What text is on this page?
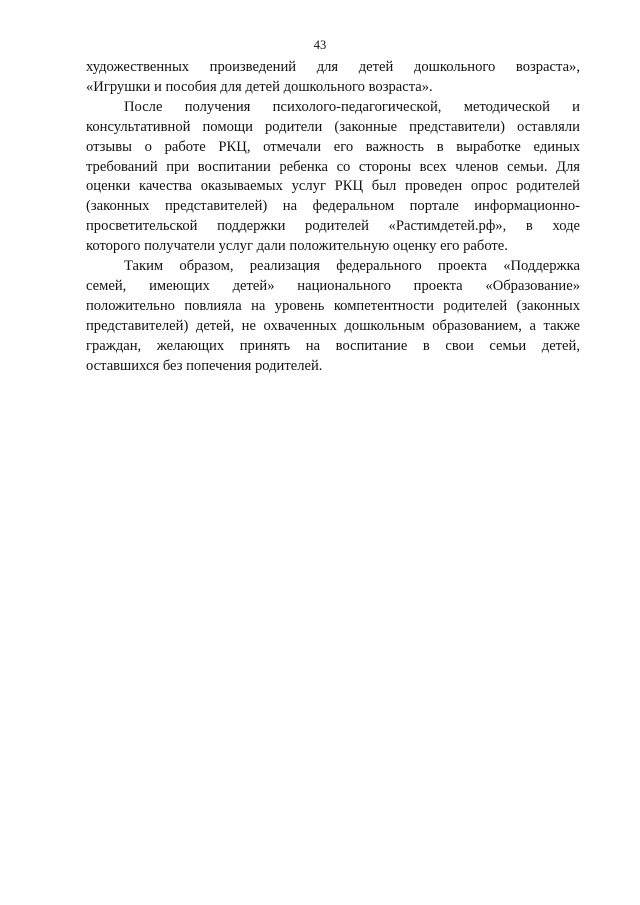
43

художественных произведений для детей дошкольного возраста»,
«Игрушки и пособия для детей дошкольного возраста».

После получения психолого-педагогической, методической и
консультативной помощи родители (законные представители) оставляли
отзывы о работе РКЦ, отмечали его важность в выработке единых
требований при воспитании ребенка со стороны всех членов семьи. Для
оценки качества оказываемых услуг РКЦ был проведен опрос родителей
(законных представителей) на федеральном портале информационно-
просветительской поддержки родителей «Растимдетей.рф», в ходе
которого получатели услуг дали положительную оценку его работе.

Таким образом, реализация федерального проекта «Поддержка
семей, имеющих детей» национального проекта «Образование»
положительно повлияла на уровень компетентности родителей (законных
представителей) детей, не охваченных дошкольным образованием, а также
граждан, желающих принять на воспитание в свои семьи детей,
оставшихся без попечения родителей.
